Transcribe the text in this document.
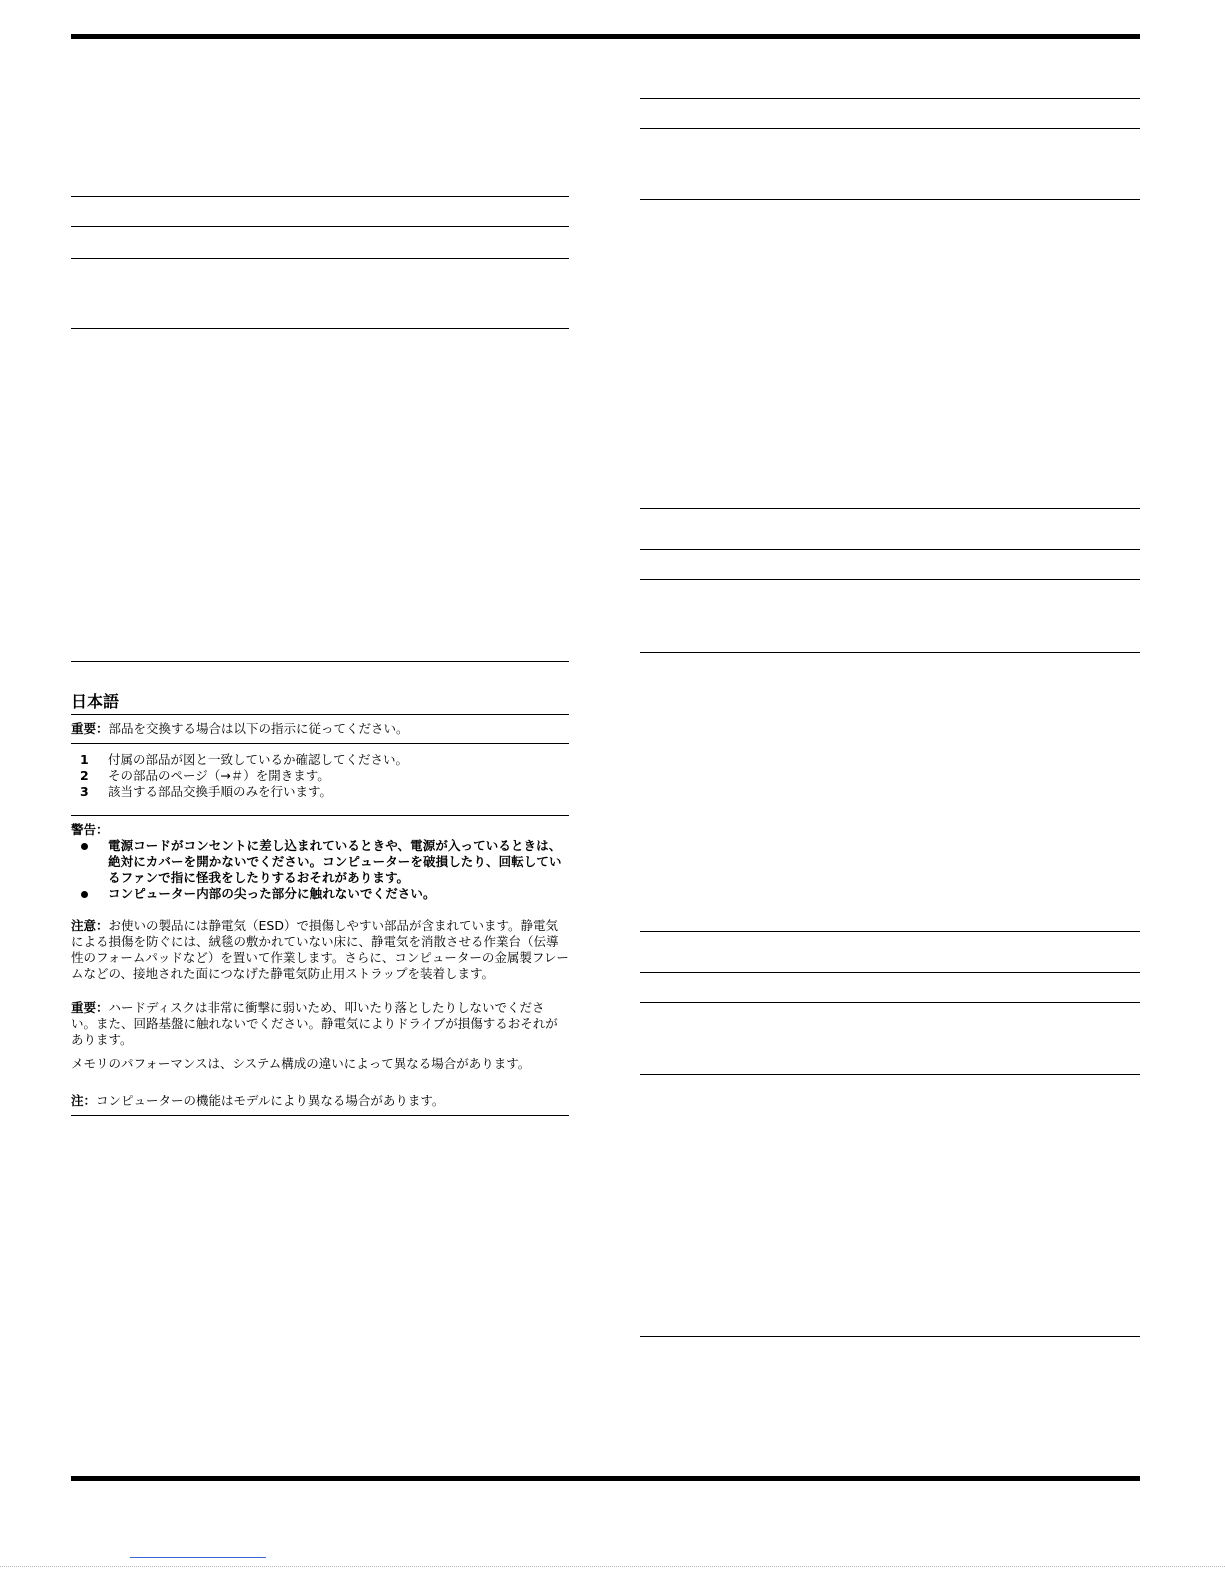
日本語
重要：部品を交換する場合は以下の指示に従ってください。
1	付属の部品が図と一致しているか確認してください。
2	その部品のページ（→＃）を開きます。
3	該当する部品交換手順のみを行います。
警告：
電源コードがコンセントに差し込まれているときや、電源が入っているときは、絶対にカバーを開かないでください。コンピューターを破損したり、回転しているファンで指に怪我をしたりするおそれがあります。
コンピューター内部の尖った部分に触れないでください。
注意：お使いの製品には静電気（ESD）で損傷しやすい部品が含まれています。静電気による損傷を防ぐには、絨毯の敷かれていない床に、静電気を消散させる作業台（伝導性のフォームパッドなど）を置いて作業します。さらに、コンピューターの金属製フレームなどの、接地された面につなげた静電気防止用ストラップを装着します。
重要：ハードディスクは非常に衝撃に弱いため、叩いたり落としたりしないでください。また、回路基盤に触れないでください。静電気によりドライブが損傷するおそれがあります。
メモリのパフォーマンスは、システム構成の違いによって異なる場合があります。
注：コンピューターの機能はモデルにより異なる場合があります。
